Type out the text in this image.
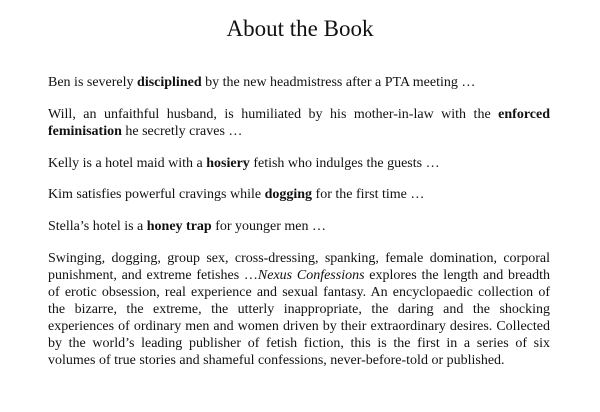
About the Book

Ben is severely disciplined by the new headmistress after a PTA meeting …

Will, an unfaithful husband, is humiliated by his mother-in-law with the enforced feminisation he secretly craves …

Kelly is a hotel maid with a hosiery fetish who indulges the guests …

Kim satisfies powerful cravings while dogging for the first time …

Stella’s hotel is a honey trap for younger men …

Swinging, dogging, group sex, cross-dressing, spanking, female domination, corporal punishment, and extreme fetishes …Nexus Confessions explores the length and breadth of erotic obsession, real experience and sexual fantasy. An encyclopaedic collection of the bizarre, the extreme, the utterly inappropriate, the daring and the shocking experiences of ordinary men and women driven by their extraordinary desires. Collected by the world’s leading publisher of fetish fiction, this is the first in a series of six volumes of true stories and shameful confessions, never-before-told or published.
